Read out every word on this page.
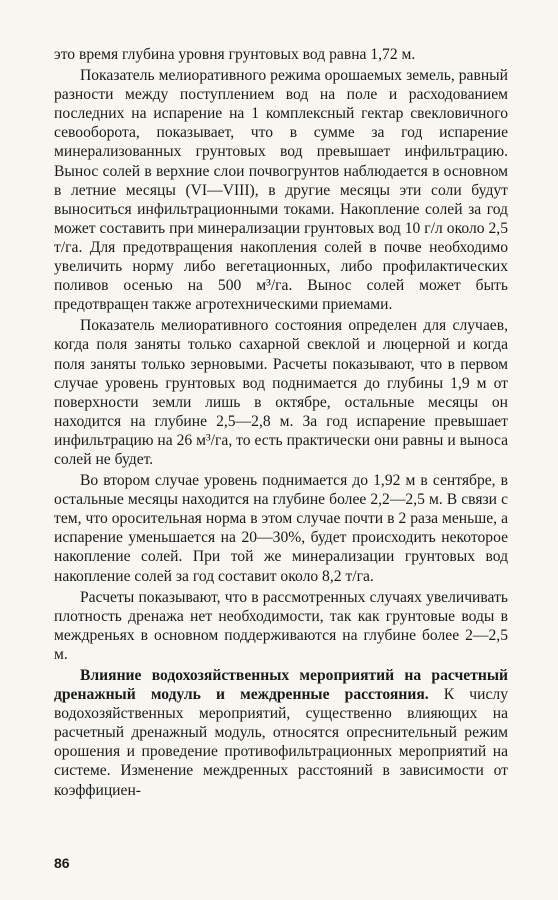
это время глубина уровня грунтовых вод равна 1,72 м.

Показатель мелиоративного режима орошаемых земель, равный разности между поступлением вод на поле и расходованием последних на испарение на 1 комплексный гектар свекловичного севооборота, показывает, что в сумме за год испарение минерализованных грунтовых вод превышает инфильтрацию. Вынос солей в верхние слои почвогрунтов наблюдается в основном в летние месяцы (VI—VIII), в другие месяцы эти соли будут выноситься инфильтрационными токами. Накопление солей за год может составить при минерализации грунтовых вод 10 г/л около 2,5 т/га. Для предотвращения накопления солей в почве необходимо увеличить норму либо вегетационных, либо профилактических поливов осенью на 500 м³/га. Вынос солей может быть предотвращен также агротехническими приемами.

Показатель мелиоративного состояния определен для случаев, когда поля заняты только сахарной свеклой и люцерной и когда поля заняты только зерновыми. Расчеты показывают, что в первом случае уровень грунтовых вод поднимается до глубины 1,9 м от поверхности земли лишь в октябре, остальные месяцы он находится на глубине 2,5—2,8 м. За год испарение превышает инфильтрацию на 26 м³/га, то есть практически они равны и выноса солей не будет.

Во втором случае уровень поднимается до 1,92 м в сентябре, в остальные месяцы находится на глубине более 2,2—2,5 м. В связи с тем, что оросительная норма в этом случае почти в 2 раза меньше, а испарение уменьшается на 20—30%, будет происходить некоторое накопление солей. При той же минерализации грунтовых вод накопление солей за год составит около 8,2 т/га.

Расчеты показывают, что в рассмотренных случаях увеличивать плотность дренажа нет необходимости, так как грунтовые воды в междреньях в основном поддерживаются на глубине более 2—2,5 м.

Влияние водохозяйственных мероприятий на расчетный дренажный модуль и междренные расстояния. К числу водохозяйственных мероприятий, существенно влияющих на расчетный дренажный модуль, относятся опреснительный режим орошения и проведение противофильтрационных мероприятий на системе. Изменение междренных расстояний в зависимости от коэффициен-

86
